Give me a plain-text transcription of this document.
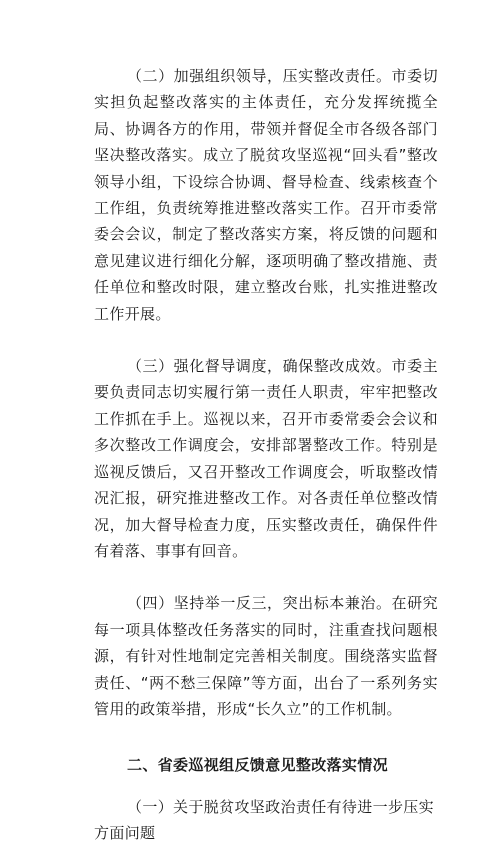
（二）加强组织领导，压实整改责任。市委切实担负起整改落实的主体责任，充分发挥统揽全局、协调各方的作用，带领并督促全市各级各部门坚决整改落实。成立了脱贫攻坚巡视“回头看”整改领导小组，下设综合协调、督导检查、线索核查个工作组，负责统筹推进整改落实工作。召开市委常委会会议，制定了整改落实方案，将反馈的问题和意见建议进行细化分解，逐项明确了整改措施、责任单位和整改时限，建立整改台账，扎实推进整改工作开展。

（三）强化督导调度，确保整改成效。市委主要负责同志切实履行第一责任人职责，牢牢把整改工作抓在手上。巡视以来，召开市委常委会会议和多次整改工作调度会，安排部署整改工作。特别是巡视反馈后，又召开整改工作调度会，听取整改情况汇报，研究推进整改工作。对各责任单位整改情况，加大督导检查力度，压实整改责任，确保件件有着落、事事有回音。

（四）坚持举一反三，突出标本兼治。在研究每一项具体整改任务落实的同时，注重查找问题根源，有针对性地制定完善相关制度。围绕落实监督责任、“两不愁三保障”等方面，出台了一系列务实管用的政策举措，形成“长久立”的工作机制。

二、省委巡视组反馈意见整改落实情况

（一）关于脱贫攻坚政治责任有待进一步压实方面问题
